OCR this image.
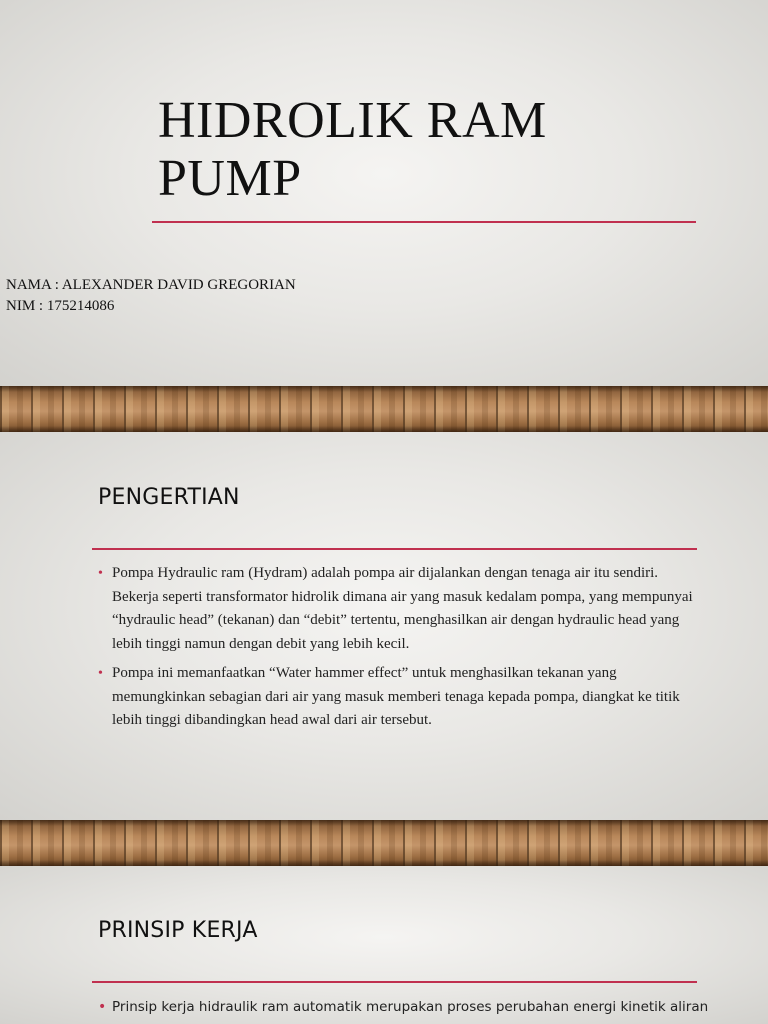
HIDROLIK RAM
PUMP
NAMA : ALEXANDER DAVID GREGORIAN
NIM : 175214086
PENGERTIAN
• Pompa Hydraulic ram (Hydram) adalah pompa air dijalankan dengan tenaga air itu sendiri. Bekerja seperti transformator hidrolik dimana air yang masuk kedalam pompa, yang mempunyai “hydraulic head” (tekanan) dan “debit” tertentu, menghasilkan air dengan hydraulic head yang lebih tinggi namun dengan debit yang lebih kecil.
• Pompa ini memanfaatkan “Water hammer effect” untuk menghasilkan tekanan yang memungkinkan sebagian dari air yang masuk memberi tenaga kepada pompa, diangkat ke titik lebih tinggi dibandingkan head awal dari air tersebut.
PRINSIP KERJA
• Prinsip kerja hidraulik ram automatik merupakan proses perubahan energi kinetik aliran
